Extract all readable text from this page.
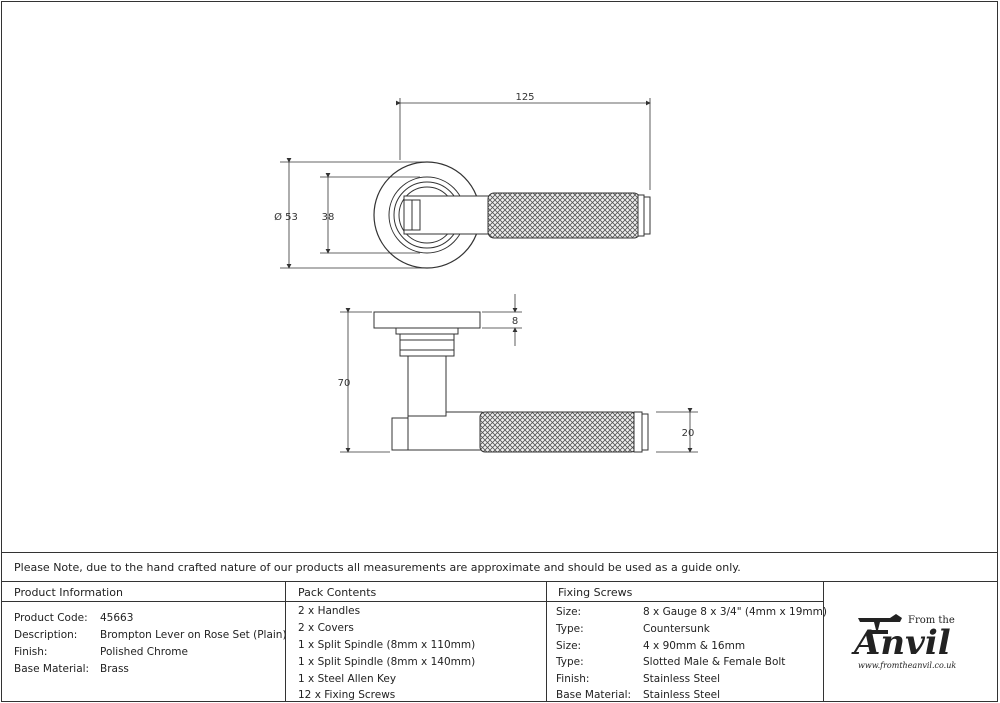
125
Ø 53 38
8
70
20
Please Note, due to the hand crafted nature of our products all measurements are approximate and should be used as a guide only.
Product Information
Product Code: 45663
Description: Brompton Lever on Rose Set (Plain)
Finish:	Polished Chrome
Base Material: Brass
Pack Contents
2 x Handles
2 x Covers
1 x Split Spindle (8mm x 110mm)
1 x Split Spindle (8mm x 140mm)
1 x Steel Allen Key
12 x Fixing Screws
Fixing Screws
Size:	8 x Gauge 8 x 3/4" (4mm x 19mm)
Type:	Countersunk
Size:	4 x 90mm & 16mm
Type:	Slotted Male & Female Bolt
Finish:	Stainless Steel
Base Material: Stainless Steel
From the
Anvil
www.fromtheanvil.co.uk
